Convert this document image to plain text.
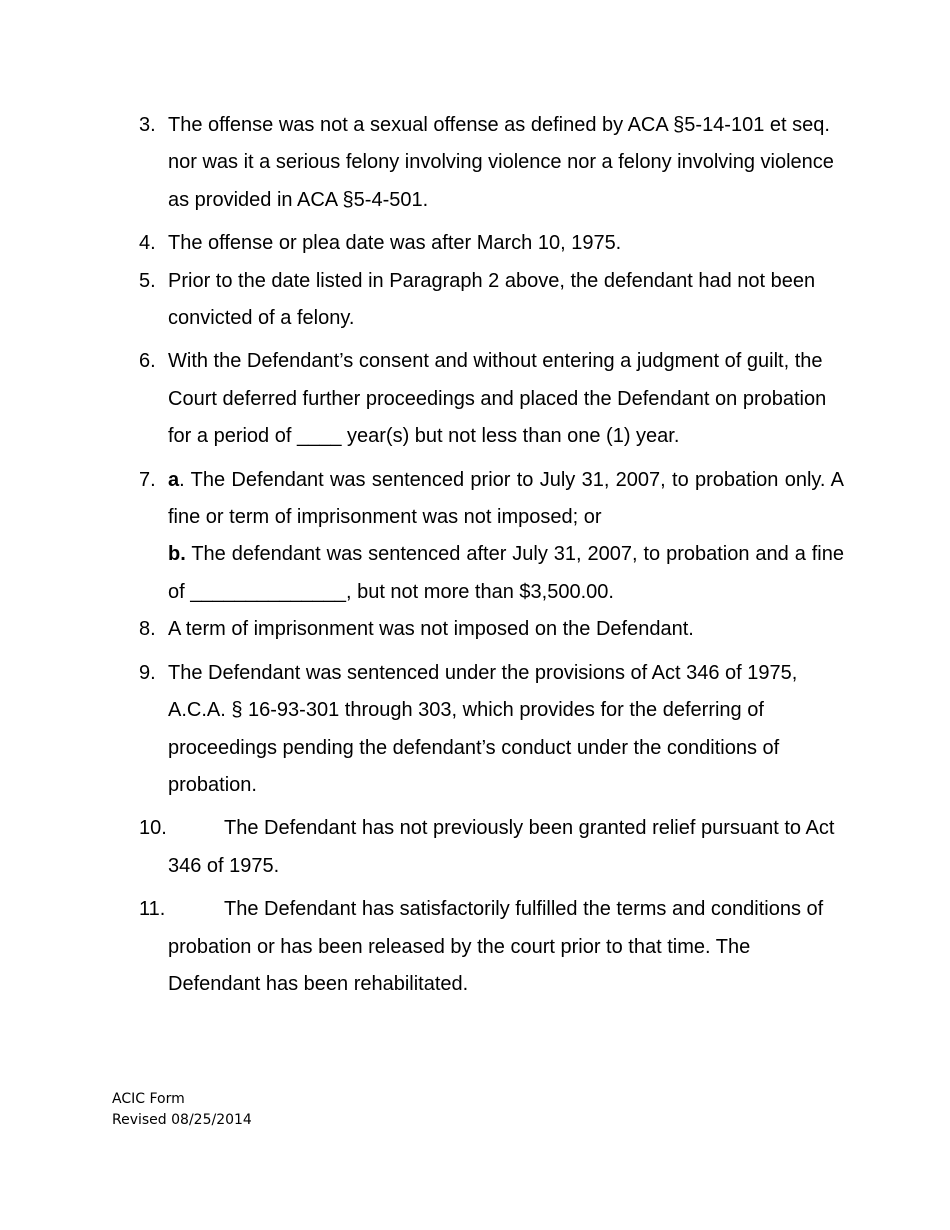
3. The offense was not a sexual offense as defined by ACA §5-14-101 et seq. nor was it a serious felony involving violence nor a felony involving violence as provided in ACA §5-4-501.
4. The offense or plea date was after March 10, 1975.
5. Prior to the date listed in Paragraph 2 above, the defendant had not been convicted of a felony.
6. With the Defendant’s consent and without entering a judgment of guilt, the Court deferred further proceedings and placed the Defendant on probation for a period of ____ year(s) but not less than one (1) year.
7. a. The Defendant was sentenced prior to July 31, 2007, to probation only. A fine or term of imprisonment was not imposed; or
b. The defendant was sentenced after July 31, 2007, to probation and a fine of ______________, but not more than $3,500.00.
8. A term of imprisonment was not imposed on the Defendant.
9. The Defendant was sentenced under the provisions of Act 346 of 1975, A.C.A. § 16-93-301 through 303, which provides for the deferring of proceedings pending the defendant’s conduct under the conditions of probation.
10.	The Defendant has not previously been granted relief pursuant to Act 346 of 1975.
11.	The Defendant has satisfactorily fulfilled the terms and conditions of probation or has been released by the court prior to that time. The Defendant has been rehabilitated.
ACIC Form
Revised 08/25/2014
